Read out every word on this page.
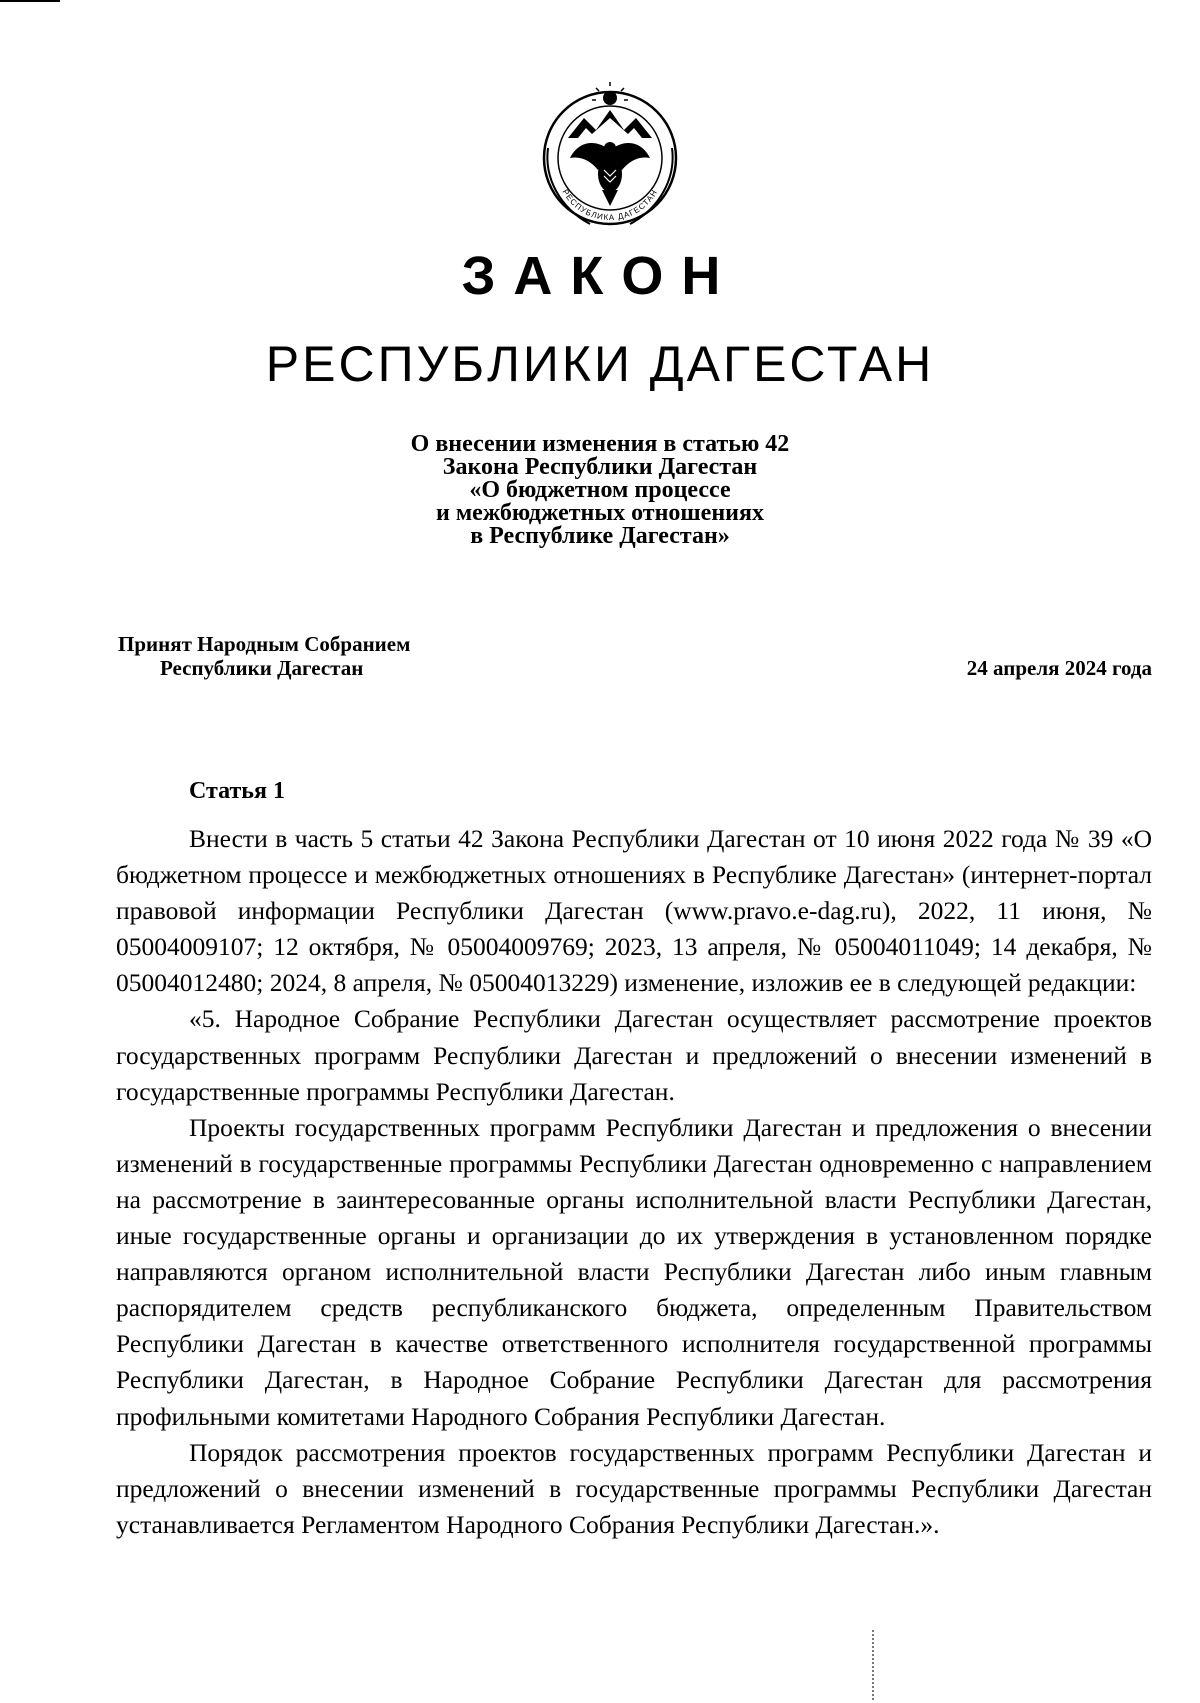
РЕСПУБЛИКА ДАГЕСТАН
ЗАКОН
РЕСПУБЛИКИ ДАГЕСТАН
О внесении изменения в статью 42
Закона Республики Дагестан
«О бюджетном процессе
и межбюджетных отношениях
в Республике Дагестан»
Принят Народным Собранием
Республики Дагестан	24 апреля 2024 года
Статья 1

Внести в часть 5 статьи 42 Закона Республики Дагестан от 10 июня 2022 года № 39 «О бюджетном процессе и межбюджетных отношениях в Республике Дагестан» (интернет-портал правовой информации Республики Дагестан (www.pravo.e-dag.ru), 2022, 11 июня, № 05004009107; 12 октября, № 05004009769; 2023, 13 апреля, № 05004011049; 14 декабря, № 05004012480; 2024, 8 апреля, № 05004013229) изменение, изложив ее в следующей редакции:

«5. Народное Собрание Республики Дагестан осуществляет рассмотрение проектов государственных программ Республики Дагестан и предложений о внесении изменений в государственные программы Республики Дагестан.

Проекты государственных программ Республики Дагестан и предложения о внесении изменений в государственные программы Республики Дагестан одновременно с направлением на рассмотрение в заинтересованные органы исполнительной власти Республики Дагестан, иные государственные органы и организации до их утверждения в установленном порядке направляются органом исполнительной власти Республики Дагестан либо иным главным распорядителем средств республиканского бюджета, определенным Правительством Республики Дагестан в качестве ответственного исполнителя государственной программы Республики Дагестан, в Народное Собрание Республики Дагестан для рассмотрения профильными комитетами Народного Собрания Республики Дагестан.

Порядок рассмотрения проектов государственных программ Республики Дагестан и предложений о внесении изменений в государственные программы Республики Дагестан устанавливается Регламентом Народного Собрания Республики Дагестан.».
